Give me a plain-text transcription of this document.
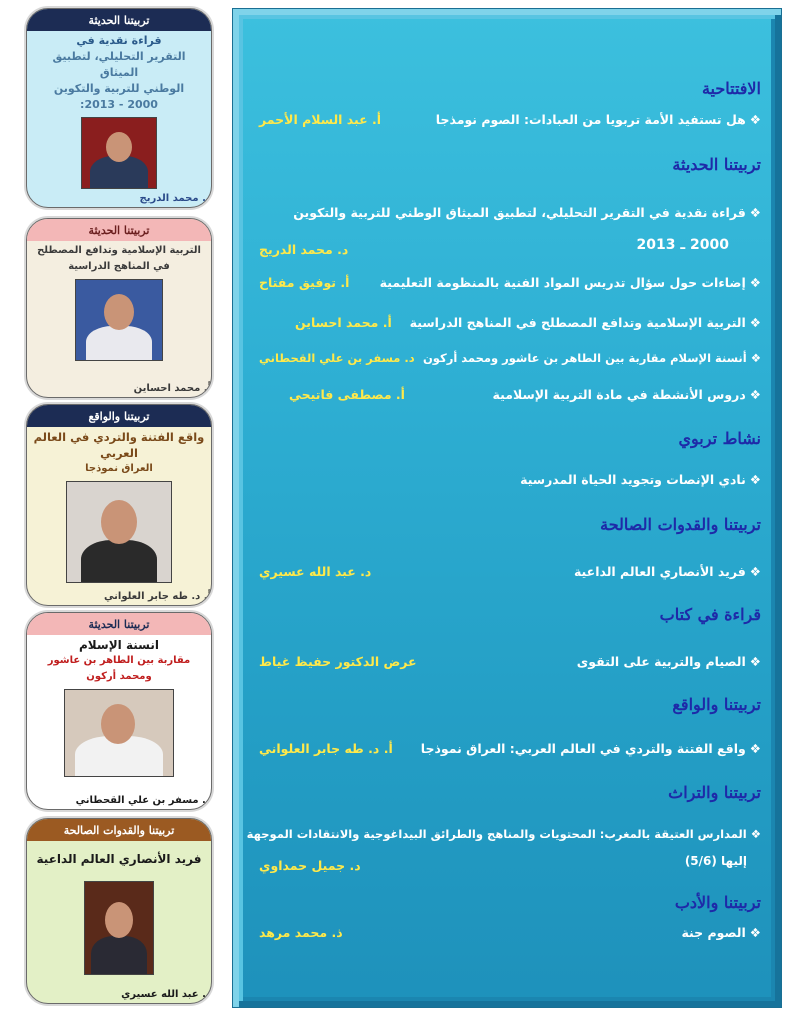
تربيتنا الحديثة
قراءة نقدية في
التقرير التحليلي، لتطبيق الميثاق
الوطني للتربية والتكوين
2000 - 2013:
د. محمد الدريج
تربيتنا الحديثة
التربية الإسلامية وتدافع المصطلح
في المناهج الدراسية
أ. محمد احساين
تربيتنا والواقع
واقع الفتنة والتردي في العالم العربي
العراق نموذجا
أ. د. طه جابر العلواني
تربيتنا الحديثة
انسنة الإسلام
مقاربة بين الطاهر بن عاشور
ومحمد أركون
د. مسفر بن علي القحطاني
تربيتنا والقدوات الصالحة
فريد الأنصاري العالم الداعية
د. عبد الله عسيري
الافتتاحية
❖هل تستفيد الأمة تربويا من العبادات: الصوم نومذجا
أ. عبد السلام الأحمر
تربيتنا الحديثة
❖قراءة نقدية في التقرير التحليلي، لتطبيق الميثاق الوطني للتربية والتكوين
2000 ـ 2013
د. محمد الدريج
❖إضاءات حول سؤال تدريس المواد الفنية بالمنظومة التعليمية
أ. توفيق مفتاح
❖التربية الإسلامية وتدافع المصطلح في المناهج الدراسية
أ. محمد احساين
❖أنسنة الإسلام مقاربة بين الطاهر بن عاشور ومحمد أركون
د. مسفر بن علي القحطاني
❖دروس الأنشطة في مادة التربية الإسلامية
أ. مصطفى فاتيحي
نشاط تربوي
❖نادي الإنصات وتجويد الحياة المدرسية
تربيتنا والقدوات الصالحة
❖فريد الأنصاري العالم الداعية
د. عبد الله عسيري
قراءة في كتاب
❖الصيام والتربية على التقوى
عرض الدكتور حفيظ غياط
تربيتنا والواقع
❖واقع الفتنة والتردي في العالم العربي: العراق نموذجا
أ. د. طه جابر العلواني
تربيتنا والتراث
❖المدارس العتيقة بالمغرب: المحتويات والمناهج والطرائق البيداغوجية والانتقادات الموجهة
إليها (5/6)
د. جميل حمداوي
تربيتنا والأدب
❖الصوم جنة
ذ. محمد مرهد
